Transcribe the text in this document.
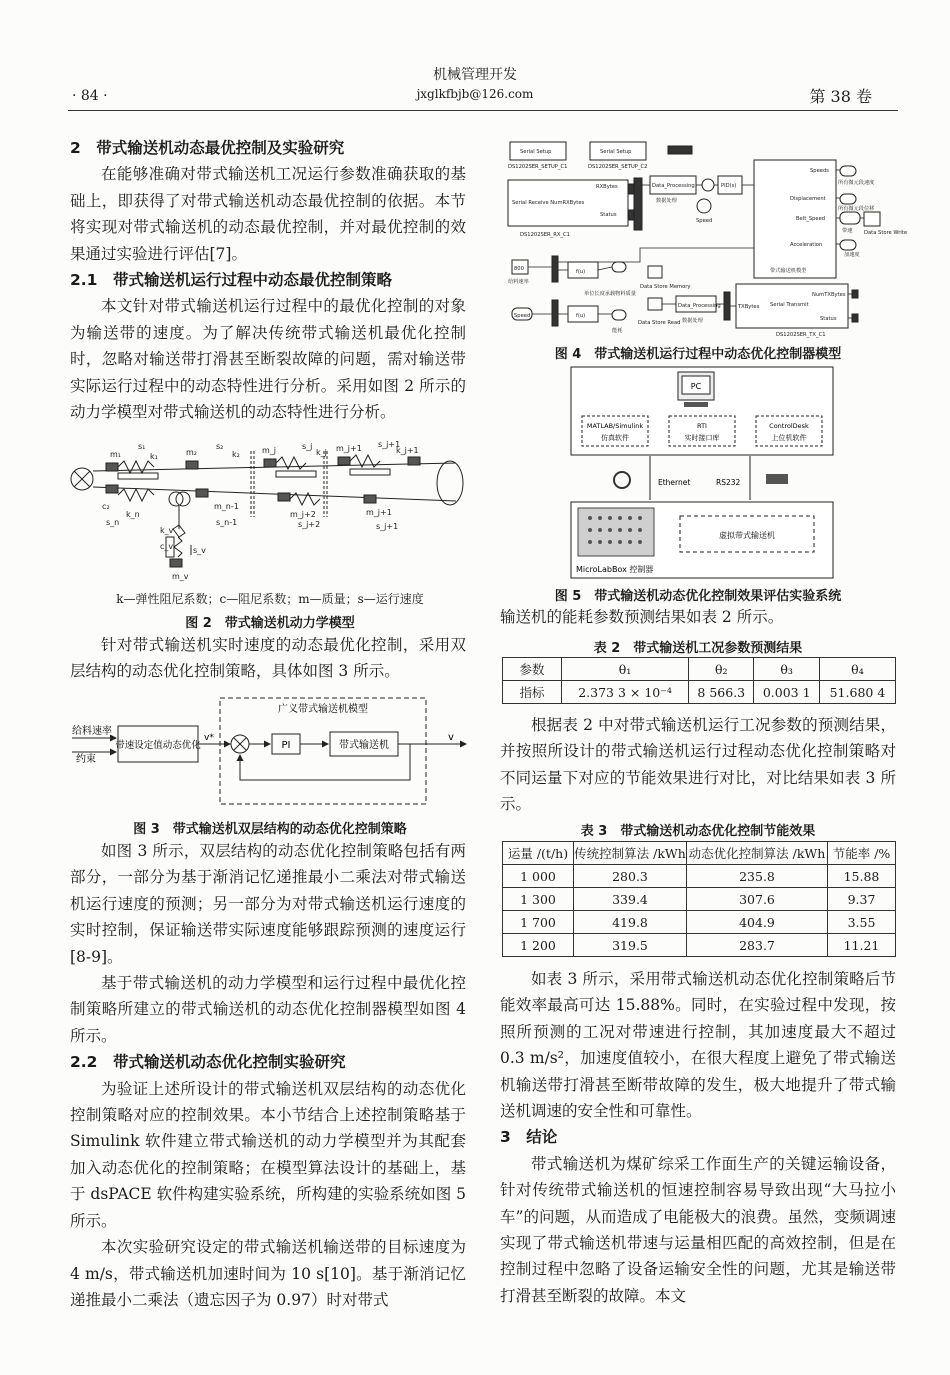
· 84 ·
机械管理开发
jxglkfbjb@126.com	第 38 卷
2　带式输送机动态最优控制及实验研究

在能够准确对带式输送机工况运行参数准确获取的基础上，即获得了对带式输送机动态最优控制的依据。本节将实现对带式输送机的动态最优控制，并对最优控制的效果通过实验进行评估[7]。

2.1　带式输送机运行过程中动态最优控制策略

本文针对带式输送机运行过程中的最优化控制的对象为输送带的速度。为了解决传统带式输送机最优化控制时，忽略对输送带打滑甚至断裂故障的问题，需对输送带实际运行过程中的动态特性进行分析。采用如图 2 所示的动力学模型对带式输送机的动态特性进行分析。

m₁
s₁
k₁	m₂
s₂
k₂	m_j	s_j
k_j m_j+1 s_j+1
k_j+1
c₂
k_n
s_n
m_n-1
s_n-1
m_j+2
s_j+2
m_j+1
s_j+1
k_v
c_v s_v
m_v
k—弹性阻尼系数；c—阻尼系数；m—质量；s—运行速度
图 2　带式输送机动力学模型

针对带式输送机实时速度的动态最优化控制，采用双层结构的动态优化控制策略，具体如图 3 所示。

广义带式输送机模型
给料速率
约束
带速设定值动态优化
v*
PI	带式输送机
v
图 3　带式输送机双层结构的动态优化控制策略

如图 3 所示，双层结构的动态优化控制策略包括有两部分，一部分为基于渐消记忆递推最小二乘法对带式输送机运行速度的预测；另一部分为对带式输送机运行速度的实时控制，保证输送带实际速度能够跟踪预测的速度运行[8-9]。

基于带式输送机的动力学模型和运行过程中最优化控制策略所建立的带式输送机的动态优化控制器模型如图 4 所示。

2.2　带式输送机动态优化控制实验研究

为验证上述所设计的带式输送机双层结构的动态优化控制策略对应的控制效果。本小节结合上述控制策略基于 Simulink 软件建立带式输送机的动力学模型并为其配套加入动态优化的控制策略；在模型算法设计的基础上，基于 dsPACE 软件构建实验系统，所构建的实验系统如图 5 所示。

本次实验研究设定的带式输送机输送带的目标速度为 4 m/s，带式输送机加速时间为 10 s[10]。基于渐消记忆递推最小二乘法（遗忘因子为 0.97）时对带式

Serial Setup	Serial Setup
DS1202SER_SETUP_C1	DS1202SER_SETUP_C2
Serial Receive NumRXBytes
RXBytes
Status
DS1202SER_RX_C1
Data_Processing
数据处理
PID(s)
Speed
Speeds
Displacement
Belt_Speed
Acceleration
带式输送机模型
所有微元段速度
所有微元段位移
带速
加速度
Data Store Write
800
给料速率
f(u)
f(u)
Data Store Memory
单位长度承载物料质量
Speed
能耗
Data Store Read
Data_Processing
数据处理
TXBytes
NumTXBytes
Status
Serial Transmit
DS1202SER_TX_C1
图 4　带式输送机运行过程中动态优化控制器模型
PC
MATLAB/Simulink
仿真软件
RTI
实时接口库
ControlDesk
上位机软件
Ethernet	RS232
虚拟带式输送机
MicroLabBox 控制器
图 5　带式输送机动态优化控制效果评估实验系统

输送机的能耗参数预测结果如表 2 所示。

表 2　带式输送机工况参数预测结果
参数	θ₁	θ₂	θ₃	θ₄
指标	2.373 3 × 10⁻⁴	8 566.3	0.003 1	51.680 4

根据表 2 中对带式输送机运行工况参数的预测结果，并按照所设计的带式输送机运行过程动态优化控制策略对不同运量下对应的节能效果进行对比，对比结果如表 3 所示。

表 3　带式输送机动态优化控制节能效果
运量 /(t/h)	传统控制算法 /kWh	动态优化控制算法 /kWh	节能率 /%
1 000	280.3	235.8	15.88
1 300	339.4	307.6	9.37
1 700	419.8	404.9	3.55
1 200	319.5	283.7	11.21

如表 3 所示，采用带式输送机动态优化控制策略后节能效率最高可达 15.88%。同时，在实验过程中发现，按照所预测的工况对带速进行控制，其加速度最大不超过 0.3 m/s²，加速度值较小，在很大程度上避免了带式输送机输送带打滑甚至断带故障的发生，极大地提升了带式输送机调速的安全性和可靠性。

3　结论

带式输送机为煤矿综采工作面生产的关键运输设备，针对传统带式输送机的恒速控制容易导致出现“大马拉小车”的问题，从而造成了电能极大的浪费。虽然，变频调速实现了带式输送机带速与运量相匹配的高效控制，但是在控制过程中忽略了设备运输安全性的问题，尤其是输送带打滑甚至断裂的故障。本文
